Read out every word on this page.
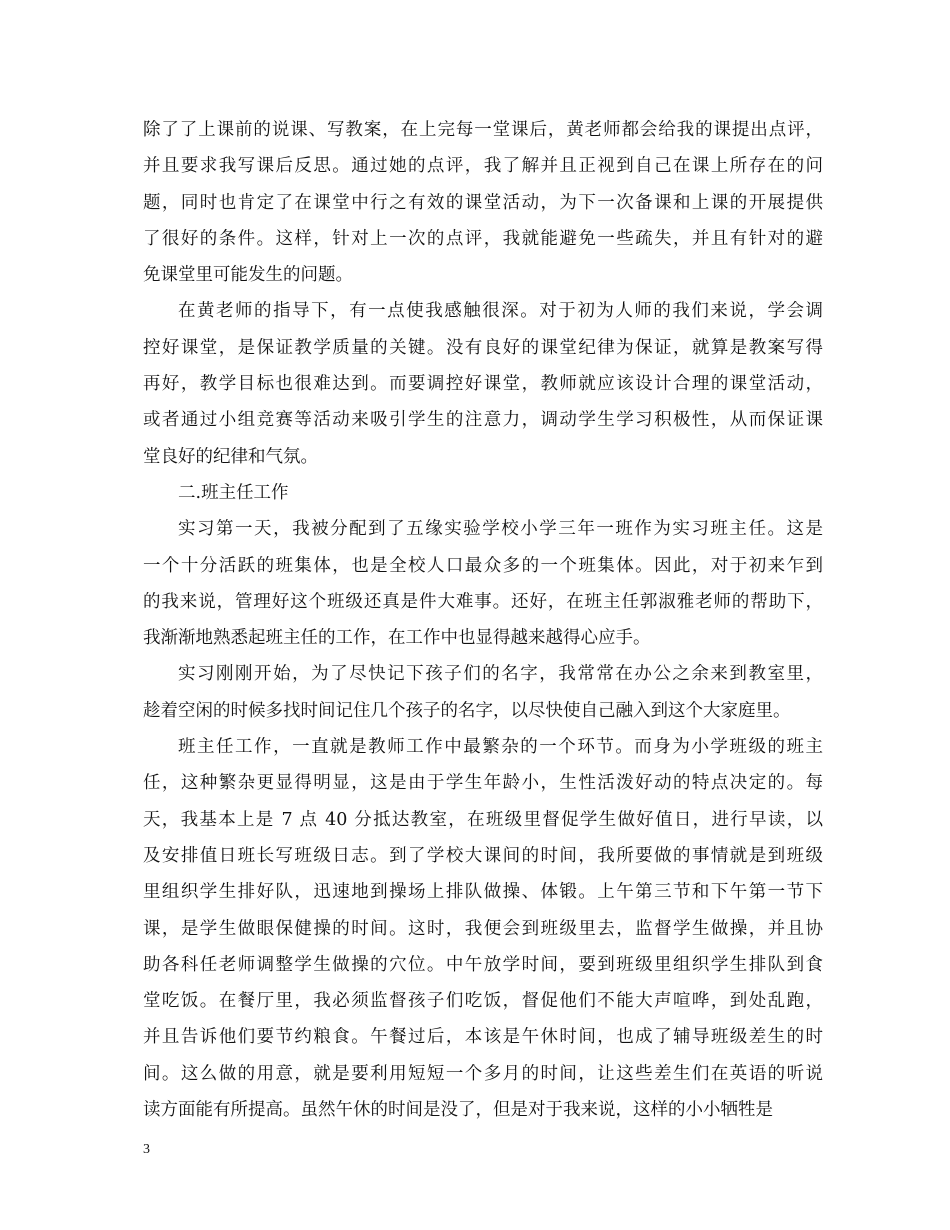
除了了上课前的说课、写教案，在上完每一堂课后，黄老师都会给我的课提出点评，
并且要求我写课后反思。通过她的点评，我了解并且正视到自己在课上所存在的问
题，同时也肯定了在课堂中行之有效的课堂活动，为下一次备课和上课的开展提供
了很好的条件。这样，针对上一次的点评，我就能避免一些疏失，并且有针对的避
免课堂里可能发生的问题。
在黄老师的指导下，有一点使我感触很深。对于初为人师的我们来说，学会调
控好课堂，是保证教学质量的关键。没有良好的课堂纪律为保证，就算是教案写得
再好，教学目标也很难达到。而要调控好课堂，教师就应该设计合理的课堂活动，
或者通过小组竞赛等活动来吸引学生的注意力，调动学生学习积极性，从而保证课
堂良好的纪律和气氛。
二.班主任工作
实习第一天，我被分配到了五缘实验学校小学三年一班作为实习班主任。这是
一个十分活跃的班集体，也是全校人口最众多的一个班集体。因此，对于初来乍到
的我来说，管理好这个班级还真是件大难事。还好，在班主任郭淑雅老师的帮助下，
我渐渐地熟悉起班主任的工作，在工作中也显得越来越得心应手。
实习刚刚开始，为了尽快记下孩子们的名字，我常常在办公之余来到教室里，
趁着空闲的时候多找时间记住几个孩子的名字，以尽快使自己融入到这个大家庭里。
班主任工作，一直就是教师工作中最繁杂的一个环节。而身为小学班级的班主
任，这种繁杂更显得明显，这是由于学生年龄小，生性活泼好动的特点决定的。每
天，我基本上是 7 点 40 分抵达教室，在班级里督促学生做好值日，进行早读，以
及安排值日班长写班级日志。到了学校大课间的时间，我所要做的事情就是到班级
里组织学生排好队，迅速地到操场上排队做操、体锻。上午第三节和下午第一节下
课，是学生做眼保健操的时间。这时，我便会到班级里去，监督学生做操，并且协
助各科任老师调整学生做操的穴位。中午放学时间，要到班级里组织学生排队到食
堂吃饭。在餐厅里，我必须监督孩子们吃饭，督促他们不能大声喧哗，到处乱跑，
并且告诉他们要节约粮食。午餐过后，本该是午休时间，也成了辅导班级差生的时
间。这么做的用意，就是要利用短短一个多月的时间，让这些差生们在英语的听说
读方面能有所提高。虽然午休的时间是没了，但是对于我来说，这样的小小牺牲是
3
